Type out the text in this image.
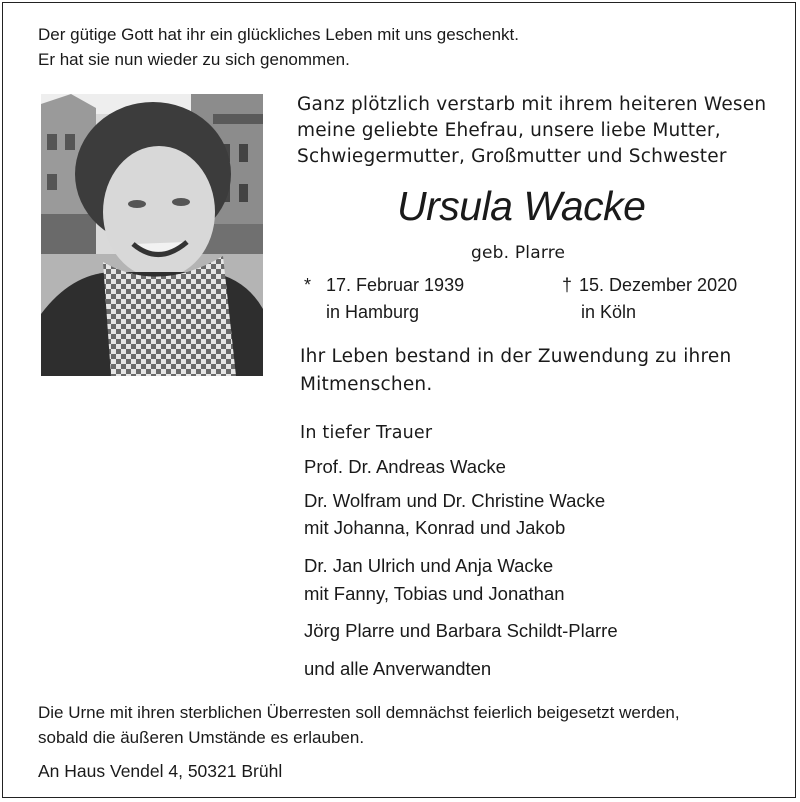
Der gütige Gott hat ihr ein glückliches Leben mit uns geschenkt.
Er hat sie nun wieder zu sich genommen.
Ganz plötzlich verstarb mit ihrem heiteren Wesen
meine geliebte Ehefrau, unsere liebe Mutter,
Schwiegermutter, Großmutter und Schwester
Ursula Wacke
geb. Plarre
* 17. Februar 1939
in Hamburg
† 15. Dezember 2020
in Köln
Ihr Leben bestand in der Zuwendung zu ihren
Mitmenschen.
In tiefer Trauer
Prof. Dr. Andreas Wacke
Dr. Wolfram und Dr. Christine Wacke
mit Johanna, Konrad und Jakob
Dr. Jan Ulrich und Anja Wacke
mit Fanny, Tobias und Jonathan
Jörg Plarre und Barbara Schildt-Plarre
und alle Anverwandten
Die Urne mit ihren sterblichen Überresten soll demnächst feierlich beigesetzt werden,
sobald die äußeren Umstände es erlauben.
An Haus Vendel 4, 50321 Brühl
